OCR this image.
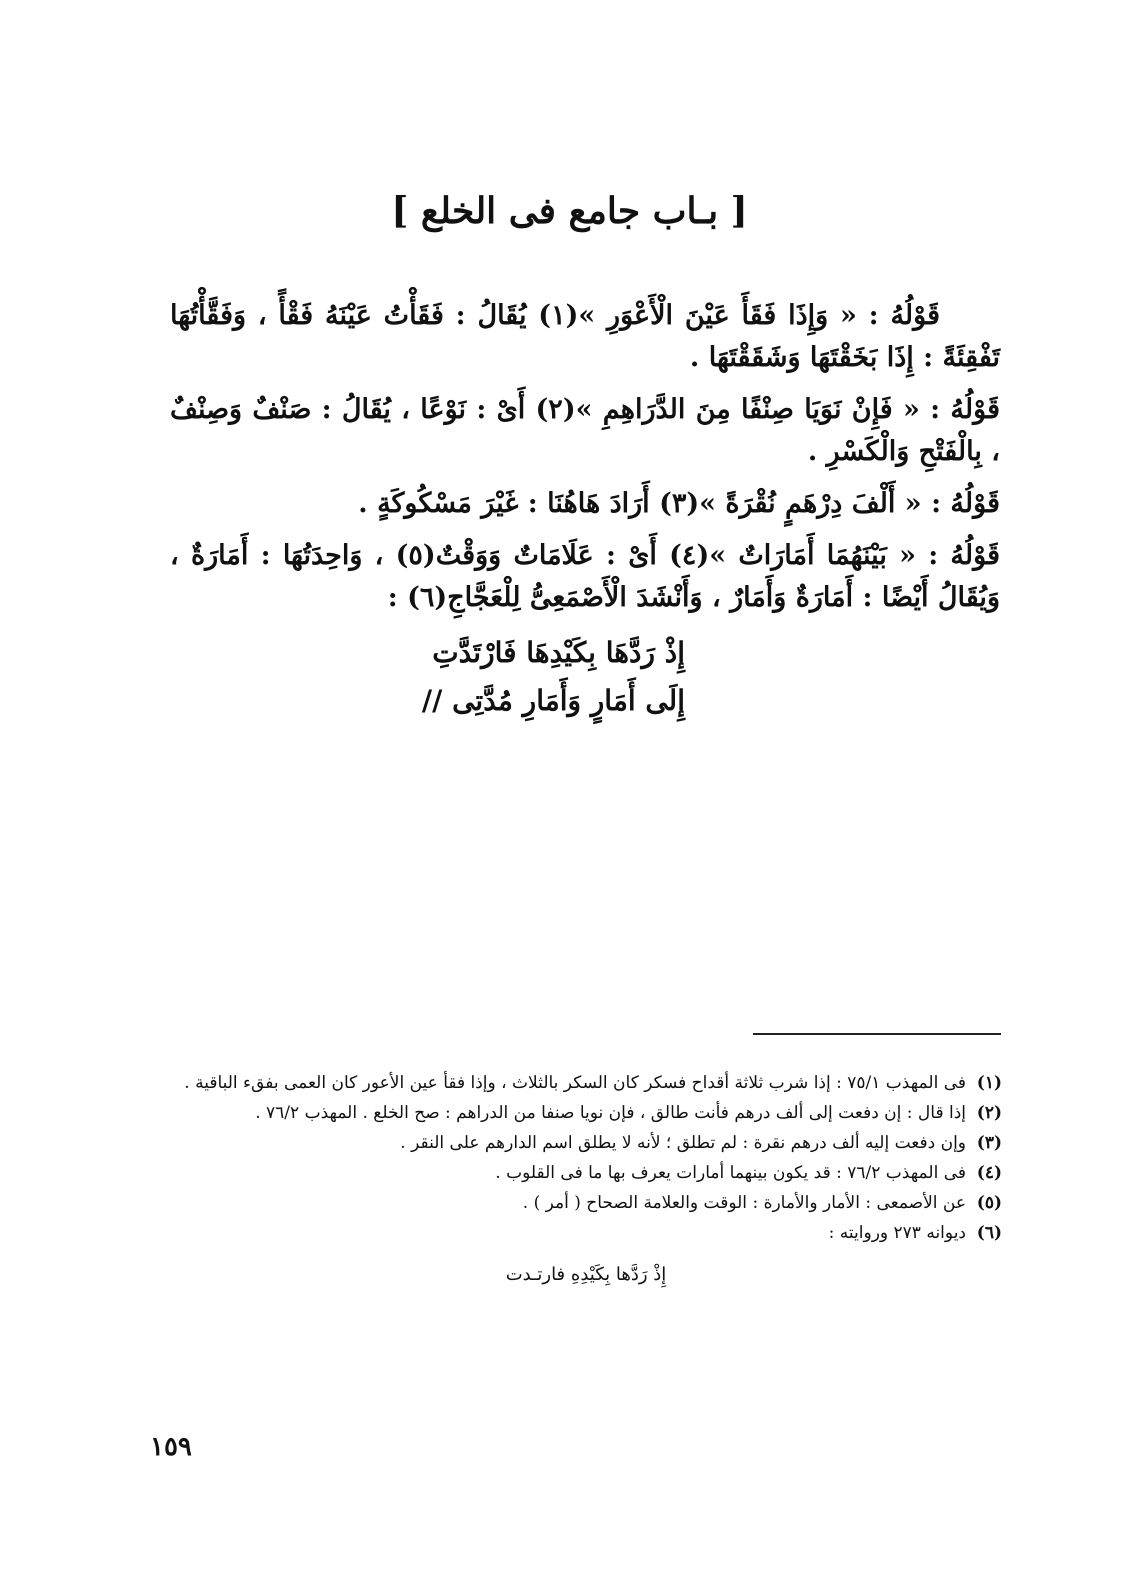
[ بـاب جامع فى الخلع ]

قَوْلُهُ : « وَإِذَا فَقَأَ عَيْنَ الْأَعْوَرِ »(١) يُقَالُ : فَقَأْتُ عَيْنَهُ فَقْأً ، وَفَقَّأْتُهَا تَفْقِئَةً : إِذَا بَخَقْتَهَا وَشَقَقْتَهَا .

قَوْلُهُ : « فَإِنْ نَوَيَا صِنْفًا مِنَ الدَّرَاهِمِ »(٢) أَىْ : نَوْعًا ، يُقَالُ : صَنْفٌ وَصِنْفٌ ، بِالْفَتْحِ وَالْكَسْرِ .

قَوْلُهُ : « أَلْفَ دِرْهَمٍ نُقْرَةً »(٣) أَرَادَ هَاهُنَا : غَيْرَ مَسْكُوكَةٍ .

قَوْلُهُ : « بَيْنَهُمَا أَمَارَاتٌ »(٤) أَىْ : عَلَامَاتٌ وَوَقْتٌ(٥) ، وَاحِدَتُهَا : أَمَارَةٌ ، وَيُقَالُ أَيْضًا : أَمَارَةٌ وَأَمَارٌ ، وَأَنْشَدَ الْأَصْمَعِىُّ لِلْعَجَّاجِ(٦) :

إِذْ رَدَّهَا بِكَيْدِهَا فَارْتَدَّتِ
إِلَى أَمَارٍ وَأَمَارِ مُدَّتِى //
(١)
فى المهذب ٧٥/١ : إذا شرب ثلاثة أقداح فسكر كان السكر بالثلاث ، وإذا فقأ عين الأعور كان العمى بفقء الباقية .
(٢)
إذا قال : إن دفعت إلى ألف درهم فأنت طالق ، فإن نويا صنفا من الدراهم : صح الخلع . المهذب ٧٦/٢ .
(٣)
وإن دفعت إليه ألف درهم نقرة : لم تطلق ؛ لأنه لا يطلق اسم الدارهم على النقر .
(٤)
فى المهذب ٧٦/٢ : قد يكون بينهما أمارات يعرف بها ما فى القلوب .
(٥)
عن الأصمعى : الأمار والأمارة : الوقت والعلامة الصحاح ( أمر ) .
(٦)
ديوانه ٢٧٣ وروايته :
إِذْ رَدَّها بِكَيْدِهِ فارتـدت
١٥٩
